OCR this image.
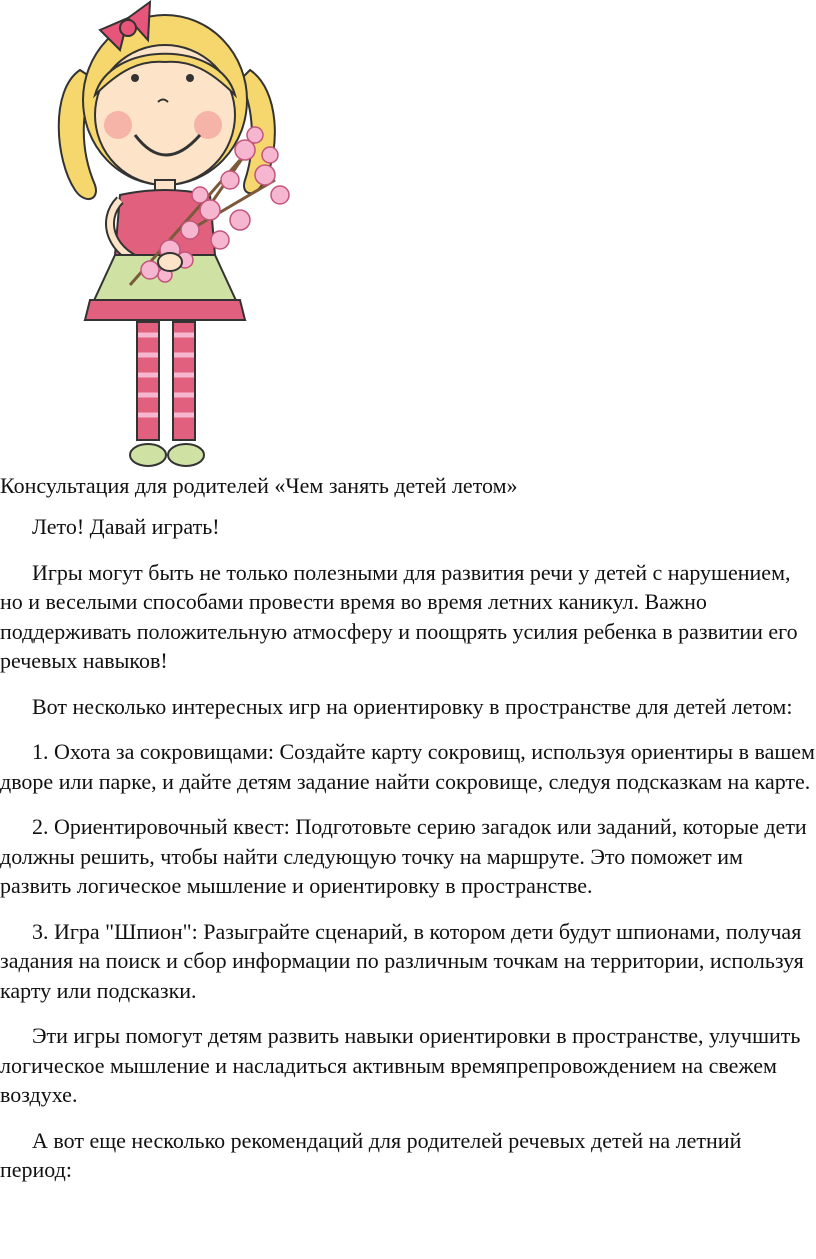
Консультация для родителей «Чем занять детей летом»

Лето! Давай играть!

Игры могут быть не только полезными для развития речи у детей с нарушением, но и веселыми способами провести время во время летних каникул. Важно поддерживать положительную атмосферу и поощрять усилия ребенка в развитии его речевых навыков!

Вот несколько интересных игр на ориентировку в пространстве для детей летом:

1. Охота за сокровищами: Создайте карту сокровищ, используя ориентиры в вашем дворе или парке, и дайте детям задание найти сокровище, следуя подсказкам на карте.

2. Ориентировочный квест: Подготовьте серию загадок или заданий, которые дети должны решить, чтобы найти следующую точку на маршруте. Это поможет им развить логическое мышление и ориентировку в пространстве.

3. Игра "Шпион": Разыграйте сценарий, в котором дети будут шпионами, получая задания на поиск и сбор информации по различным точкам на территории, используя карту или подсказки.

Эти игры помогут детям развить навыки ориентировки в пространстве, улучшить логическое мышление и насладиться активным времяпрепровождением на свежем воздухе.

А вот еще несколько рекомендаций для родителей речевых детей на летний период:
